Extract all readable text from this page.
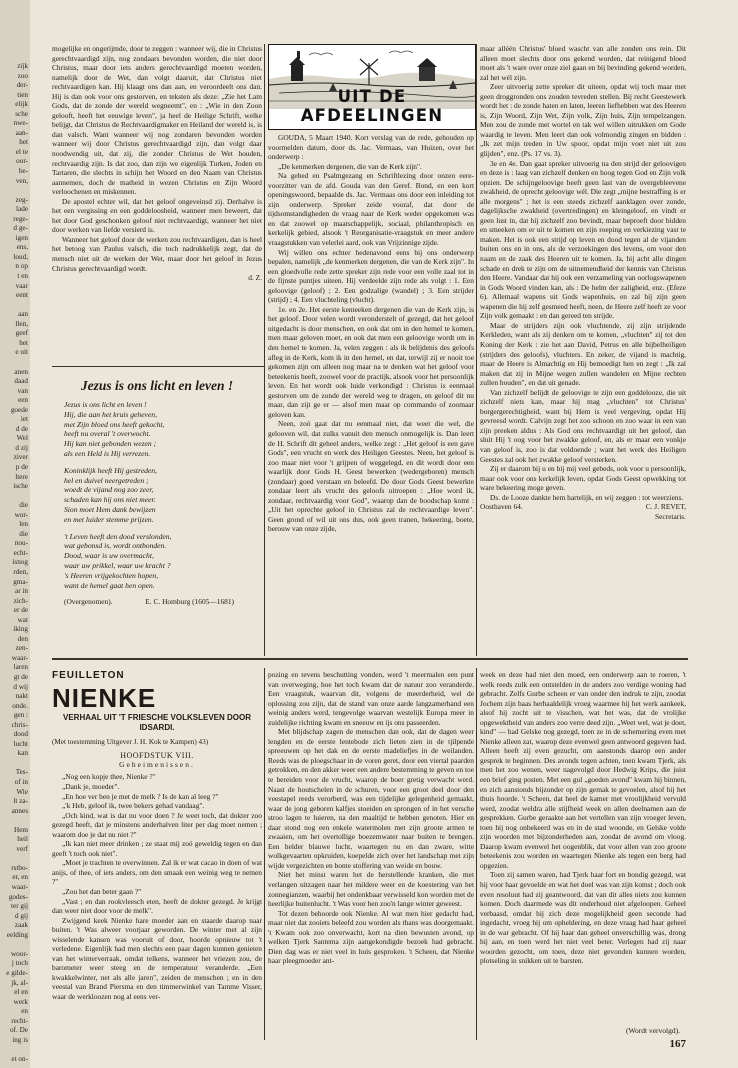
zijk
zoo
der-
tien
elijk
sche
nwe-
aan-
het
el te
oor-
be-
ven,

zeg-
lade
rege-
d ge-
igen
ens,
loud,
n op
t en
vaar
eent

aan
llen,
geef
het
e uit

anen
daad
van
een
goede
iet
d de
Wel
d zij
ziver
p de
ltere
ische

die
wor-
len
die
nou-
echt-
isnog
rden,
gma-
ar in
zich-
er de
wat
iking
den
zen-
waar-
laren
gt de
d wij
nakt
onde.
gen :
chris-
dood
lucht
kan

Tes-
of in
Wie
lt za-
annes

Hem
heil
verf

rstbo-
er, en
waar-
godes-
ter gij
d gij
zaak
eelding

woor-
j toch
e gilde-
jk, al-
el en
werk
en
recht-
of. De
ing is

et on-

mogelijke en ongerijmde, door te zeggen : wanneer wij, die in Christus gerechtvaardigd zijn, nog zondaars bevonden worden, die niet door Christus, maar door iets anders gerechtvaardigd moeten worden, namelijk door de Wet, dan volgt daaruit, dat Christus niet rechtvaardigen kan. Hij klaagt ons dan aan, en veroordeelt ons dan. Hij is dan ook voor ons gestorven, en teksten als deze: „Zie het Lam Gods, dat de zonde der wereld wegneemt", en : „Wie in den Zoon gelooft, heeft het eeuwige leven", ja heel de Heilige Schrift, welke belijgt, dat Christus de Rechtvaardigmaker en Heiland der wereld is, is dan valsch. Want wanneer wij nog zondaren bevonden worden wanneer wij door Christus gerechtvaardigd zijn, dan volgt daar noodwendig uit, dat zij, die zonder Christus de Wet houden, rechtvaardig zijn. Is dat zoo, dan zijn we eigenlijk Turken, Joden en Tartaren, die slechts in schijn het Woord en den Naam van Christus aannemen, doch de matheid in wezen Christus en Zijn Woord verloochenen en miskennen.

De apostel echter wil, dat het geloof ongeveinsd zij. Derhalve is het een vergissing en een goddeloosheid, wanneer men beweert, dat het door God geschonken geloof niet rechtvaardigt, wanneer het niet door werken van liefde versierd is.

Wanneer het geloof door de werken zou rechtvaardigen, dan is heel het betoog van Paulus valsch, die toch nadrukkelijk zegt, dat de mensch niet uit de werken der Wet, maar door het geloof in Jezus Christus gerechtvaardigd wordt.

d. Z.
Jezus is ons licht en leven !
Jezus is ons licht en leven !
Hij, die aan het kruis geheven,
met Zijn bloed ons heeft gekocht,
heeft nu overal 't overwocht.
Hij kan niet gebonden wezen ;
als een Held is Hij verrezen.
Koninklijk heeft Hij gestreden,
hel en duivel neergetreden ;
woedt de vijand nog zoo zeer,
schaden kan hij ons niet meer.
Sion moet Hem dank bewijzen
en met luider stemme prijzen.
't Leven heeft den dood verslonden,
wat gebonsd is, wordt ontbonden.
Dood, waar is uw overmacht,
waar uw prikkel, waar uw kracht ?
's Heeren vrijgekochten hopen,
want de hemel gaat hen open.
(Overgenomen).	E. C. Homburg (1605—1681)
UIT DE AFDEELINGEN

GOUDA, 5 Maart 1940. Kort verslag van de rede, gehouden op voormelden datum, door ds. Jac. Vermaas, van Huizen, over het onderwerp :

„De kenmerken dergenen, die van de Kerk zijn".

Na gebed en Psalmgezang en Schriftlezing door onzen eere-voorzitter van de afd. Gouda van den Geref. Bond, en een kort openingswoord, bepaalde ds. Jac. Vermaas ons door een inleiding tot zijn onderwerp. Spreker zeide vooraf, dat door de tijdsomstandigheden de vraag naar de Kerk weder opgekomen was en dat zoowel op maatschappelijk, sociaal, philanthropisch en kerkelijk gebied, alsook 't Reorganisatie-vraagstuk en meer andere vraagstukken van velerlei aard, ook van Vrijzinnige zijde.

Wij willen ons echter hedenavond eens bij ons onderwerp bepalen, namelijk „de kenmerken dergenen, die van de Kerk zijn". In een gloedvolle rede zette spreker zijn rede voor een volle zaal tot in de fijnste puntjes uiteen. Hij verdeelde zijn rede als volgt : 1. Een geloovige (geloof) ; 2. Een godzalige (wandel) ; 3. Een strijder (strijd) ; 4. Een vluchteling (vlucht).

1e. en 2e. Het eerste kenteeken dergenen die van de Kerk zijn, is het geloof. Door velen wordt veronderstelt of gezegd, dat het geloof uitgedacht is door menschen, en ook dat om in den hemel te komen, men maar geloven moet, en ook dat men een geloovige wordt om in den hemel te komen. Ja, velen zeggen : als ik belijdenis des geloofs afleg in de Kerk, kom ik in den hemel, en dat, terwijl zij er nooit toe gekomen zijn om alleen nog maar na te denken wat het geloof voor beteekenis heeft, zoowel voor de practijk, alsook voor het persoonlijk leven. En het wordt ook luide verkondigd : Christus is eenmaal gestorven om de zonde der wereld weg te dragen, en geloof dit nu maar, dan zijt ge er — alsof men maar op commando of zoomaar geloven kan.

Neen, zoó gaat dat nu eenmaal niet, dat weet die wel, die gelooven wil, dat zulks vanuit den mensch onmogelijk is. Dan leert de H. Schrift dit geheel anders, welke zegt : „Het geloof is een gave Gods", een vrucht en werk des Heiligen Geestes. Neen, het geloof is zoo maar niet voor 't grijpen of weggelegd, en dit wordt door een waarlijk door Gods H. Geest bewerken (wedergeboren) mensch (zondaar) goed verstaan en beleefd. De door Gods Geest bewerkte zondaar leert als vrucht des geloofs uitroepen : „Hoe word ik, zondaar, rechtvaardig voor God", waarop dan de boodschap komt : „Uit het oprechte geloof in Christus zal de rechtvaardige leven". Geen grond of wil uit ons dus, ook geen tranen, bekeering, boete, berouw van onze zijde,

maar alléén Christus' bloed wascht van alle zonden ons rein. Dit alleen moet slechts door ons gekend worden, dat reinigend bloed moet als 't ware over onze ziel gaan en bij bevinding gekend worden, zal het wél zijn.

Zeer uitvoerig zette spreker dit uiteen, opdat wij toch maar met geen droggronden ons zouden tevreden stellen. Bij recht Geestewerk wordt het : de zonde haten en laten, leeren liefhebben wat des Heeren is, Zijn Woord, Zijn Wet, Zijn volk, Zijn huis, Zijn tempelzangen. Men zou de zonde met wortel en tak wel willen uitrukken om Gode waardig te leven. Men leert dan ook volmondig zingen en bidden : „Ik zet mijn treden in Uw spoor, opdat mijn voet niet uit zou glijden", enz. (Ps. 17 vs. 3).

3e en 4e. Dan gaat spreker uitvoerig na den strijd der geloovigen en deze is : laag van zichzelf denken en hoog tegen God en Zijn volk opzien. De schijngeloovige heeft geen last van de overgebleevene zwakheid, de oprecht geloovige wél. Die zegt „mijne bestraffing is er alle morgens" ; het is een steeds zichzelf aanklagen over zonde, dagelijksche zwakheid (overtredingen) en kleingeloof, en vindt er geen lust in, dat hij zichzelf zoo bevindt, maar beproeft door bidden en smeeken om er uit te komen en zijn roeping en verkiezing vast te maken. Het is ook een strijd op leven en dood tegen al de vijanden buiten ons en in ons, als de verzoekingen des levens, om voor den naam en de zaak des Heeren uit te komen. Ja, hij acht alle dingen schade en drek te zijn om de uitnemendheid der kennis van Christus den Heere. Vandaar dat hij ook een verzameling van oorlogswapenen in Gods Woord vinden kan, als : De helm der zaligheid, enz. (Efeze 6). Allemaal wapens uit Gods wapenhuis, en zal hij zijn geen wapenen die hij zelf gesmeed heeft, neen, de Heere zelf heeft ze voor Zijn volk gemaakt : en dan gereed ten strijde.

Maar de strijders zijn ook vluchtende, zij zijn strijdende Kerkleden, want als zij denken om te komen, „vluchten" zij tot den Koning der Kerk : zie het aan David, Petrus en alle bijbelheiligen (strijders des geloofs), vluchters. En zeker, de vijand is machtig, maar de Heere is Almachtig en Hij bemoedigt hen en zegt : „Ik zal maken dat zij in Mijne wegen zullen wandelen en Mijne rechten zullen houden", en dat uit genade.

Van zichzelf belijdt de geloovige te zijn een goddelooze, die uit zichzelf niets kan, maar hij mag „vluchten" tot Christus' borgergerechtigheid, want bij Hem is veel vergeving, opdat Hij gevreesd wordt. Calvijn zegt het zoo schoon en zoo waar in een van zijn preeken aldus : Als God ons rechtvaardigt uit het geloof, dan sluit Hij 't oog voor het zwakke geloof, en, als er maar een vonkje van geloof is, zoo is dat voldoende ; want het werk des Heiligen Geestes zal ook het zwakke geloof versterken.

Zij er daarom bij u en bij mij veel gebeds, ook voor u persoonlijk, maar ook voor ons kerkelijk leven, opdat Gods Geest opwekking tot ware bekeering moge geven.

Ds. de Looze dankte hem hartelijk, en wij zeggen : tot weerziens.

Oosthaven 64.	C. J. REVET,
Secretaris.
FEUILLETON
NIENKE
VERHAAL UIT 'T FRIESCHE VOLKSLEVEN DOOR IDSARDI.
(Met toestemming Uitgever J. H. Kok te Kampen) 43)
HOOFDSTUK VIII.
Geheimenissen.

„Nog een kopje thee, Nienke ?"

„Dank je, moeder".

„En hoe ver ben je met de melk ? Is de kan al leeg ?"

„'k Heb, geloof ik, twee bekers gehad vandaag".

„Och kind, wat is dat nu voor doen ? Je weet toch, dat dokter zoo gezegd heeft, dat je minstens anderhalven liter per dag moet nemen ; waarom doe je dat nu niet ?"

„Ik kan niet meer drinken ; ze staat mij zoó geweldig tegen en dan geeft 't toch ook niet".

„Moet je trachten te overwinnen. Zal ik er wat cacao in doen of wat anijs, of thee, of iets anders, om den smaak een weinig weg te nemen ?"

„Zou het dan beter gaan ?"

„Vast ; en dan rookvleesch eten, heeft de dokter gezegd. Je krijgt dan weer niet door voor de melk".

Zwijgend keek Nienke hare moeder aan en staarde daarop naar buiten. 't Was alweer voorjaar geworden. De winter met al zijn wisselende kansen was vooruit of door, hoorde opnieuw tot 't verledene. Eigenlijk had men slechts een paar dagen kunnen genieten van het winterverraak, omdat telkens, wanneer het vriezen zou, de barometer weer steeg en de temperatuur veranderde. „Een kwakkelwinter, net als alle jaren", zeiden de menschen ; en in den veestal van Brand Piersma en den timmerwinkel van Tamme Visser, waar de werkloozen nog al eens ver-

pozing en tevens beschutting vonden, werd 't meermalen een punt van overweging, hoe het toch kwam dat de natuur zoo veranderde. Een vraagstuk, waarvan dit, volgens de meerderheid, wel de oplossing zou zijn, dat de stand van onze aarde langzamerhand een weinig anders werd, tengevolge waarvan westelijk Europa meer in zuidelijke richting kwam en sneeuw en ijs ons passeerden.

Met blijdschap zagen de menschen dan ook, dat de dagen weer lengden en de eerste lentebode zich lieten zien in de tjilpende spreeuwen op het dak en de eerste madeliefjes in de weilanden. Reeds was de ploegschaar in de voren geret, door een viertal paarden getrokken, en den akker weer een andere bestemming te geven en toe te bereiden voor de vrucht, waarop de boer gretig verwacht werd. Naast de houtschelen in de schuren, voor een groot deel door den veestapel reeds verorberd, was een tijdelijke gelegenheid gemaakt, waar de jong geboren kalfjes stoeiden en sprongen of in het versche stroo lagen te luieren, na den maaltijd te hebben genoten. Hier en daar stond nog een enkele watermolen met zijn groote armen te zwaaien, om het overtollige boezemwater naar buiten te brengen. Een helder blauwe lucht, waartegen nu en dan zware, witte wolkgevaarten opkruiden, koepelde zich over het landschap met zijn wijde vergezichten en bonte stoffering van weide en bouw.

Niet het minst waren het de herstellende kranken, die met verlangen uitzagen naar het mildere weer en de koestering van het zonnegianzen, waarbij het ondenkbaar verwisseld kon worden met de heerlijke buitenlucht. 't Was voor hen zoo'n lange winter geweest.

Tot dezen behoorde ook Nienke. Al wat men hier gedacht had, maar niet dat zooiets beleefd zou worden als thans was doorgemaakt. 't Kwam ook zoo onverwacht, kort na dien bewusten avond, op welken Tjerk Santema zijn aangekondigde bezoek had gebracht. Dien dag was er niet veel in huis gesproken. 't Scheen, dat Nienke haar pleegmoeder ant-

week en deze had niet den moed, een onderwerp aan te roeren, 't welk reeds zulk een ontstelden in de anders zoo verdige woning had gebracht. Zelfs Gurbe scheen er van onder den indruk te zijn, zoodat Jochem zijn baas herhaaldelijk vroeg waarmee hij het werk aankeek, alsof hij zocht uit te visschen, wat het was, dat de vrolijke opgewektheid van anders zoo verre deed zijn. „Weet wel, wat je doet, kind" — had Gelske nog gezegd, toen ze in de schemering even met Nienke alleen zat, waarop deze evenwel geen antwoord gegeven had. Alleen heeft zij even gezucht, om aanstonds daarop een ander gesprek te beginnen. Des avonds tegen achten, toen kwam Tjerk, als men het zoo wenen, weer nagevolgd door Hedwig Krips, die juist een brief ging posten. Met een gul „goeden avond" kwam hij binnen, en zich aanstonds bijzonder op zijn gemak te gevoelen, alsof hij het thuis hoorde. 't Scheen, dat heel de kamer met vroolijkheid vervuld werd, zoodat weldra alle stijfheid week en allen deelnamen aan de gesprekken. Gurbe geraakte aan het vertellen van zijn vroeger leven, toen hij nog onbekeerd was en in de stad woonde, en Gelske volde zijn woorden met bijzonderheden aan, zoodat de avond om vloog. Daarop kwam evenwel het oogenblik, dat voor allen van zoo groote beteekenis zou worden en waartegen Nienke als tegen een berg had opgezien.

Toen zij samen waren, had Tjerk haar fort en bondig gezegd, wat hij voor haar gevoelde en wat het doel was van zijn komst ; doch ook even resoluut had zij geantwoord, dat van dit alles niets zou kunnen komen. Doch daarmede was dit onderhoud niet afgeloopen. Geheel verbaasd, omdat hij zich deze mogelijkheid geen seconde had ingedacht, vroeg hij om opheldering, en deze vraag had haar geheel in de war gebracht. Of hij haar dan geheel onverschillig was, drong hij aan, en toen werd het niet veel beter. Verlegen had zij naar woorden gezocht, om toen, deze niet gevonden kunnen worden, plotseling in snikken uit te barsten.

(Wordt vervolgd).
167
